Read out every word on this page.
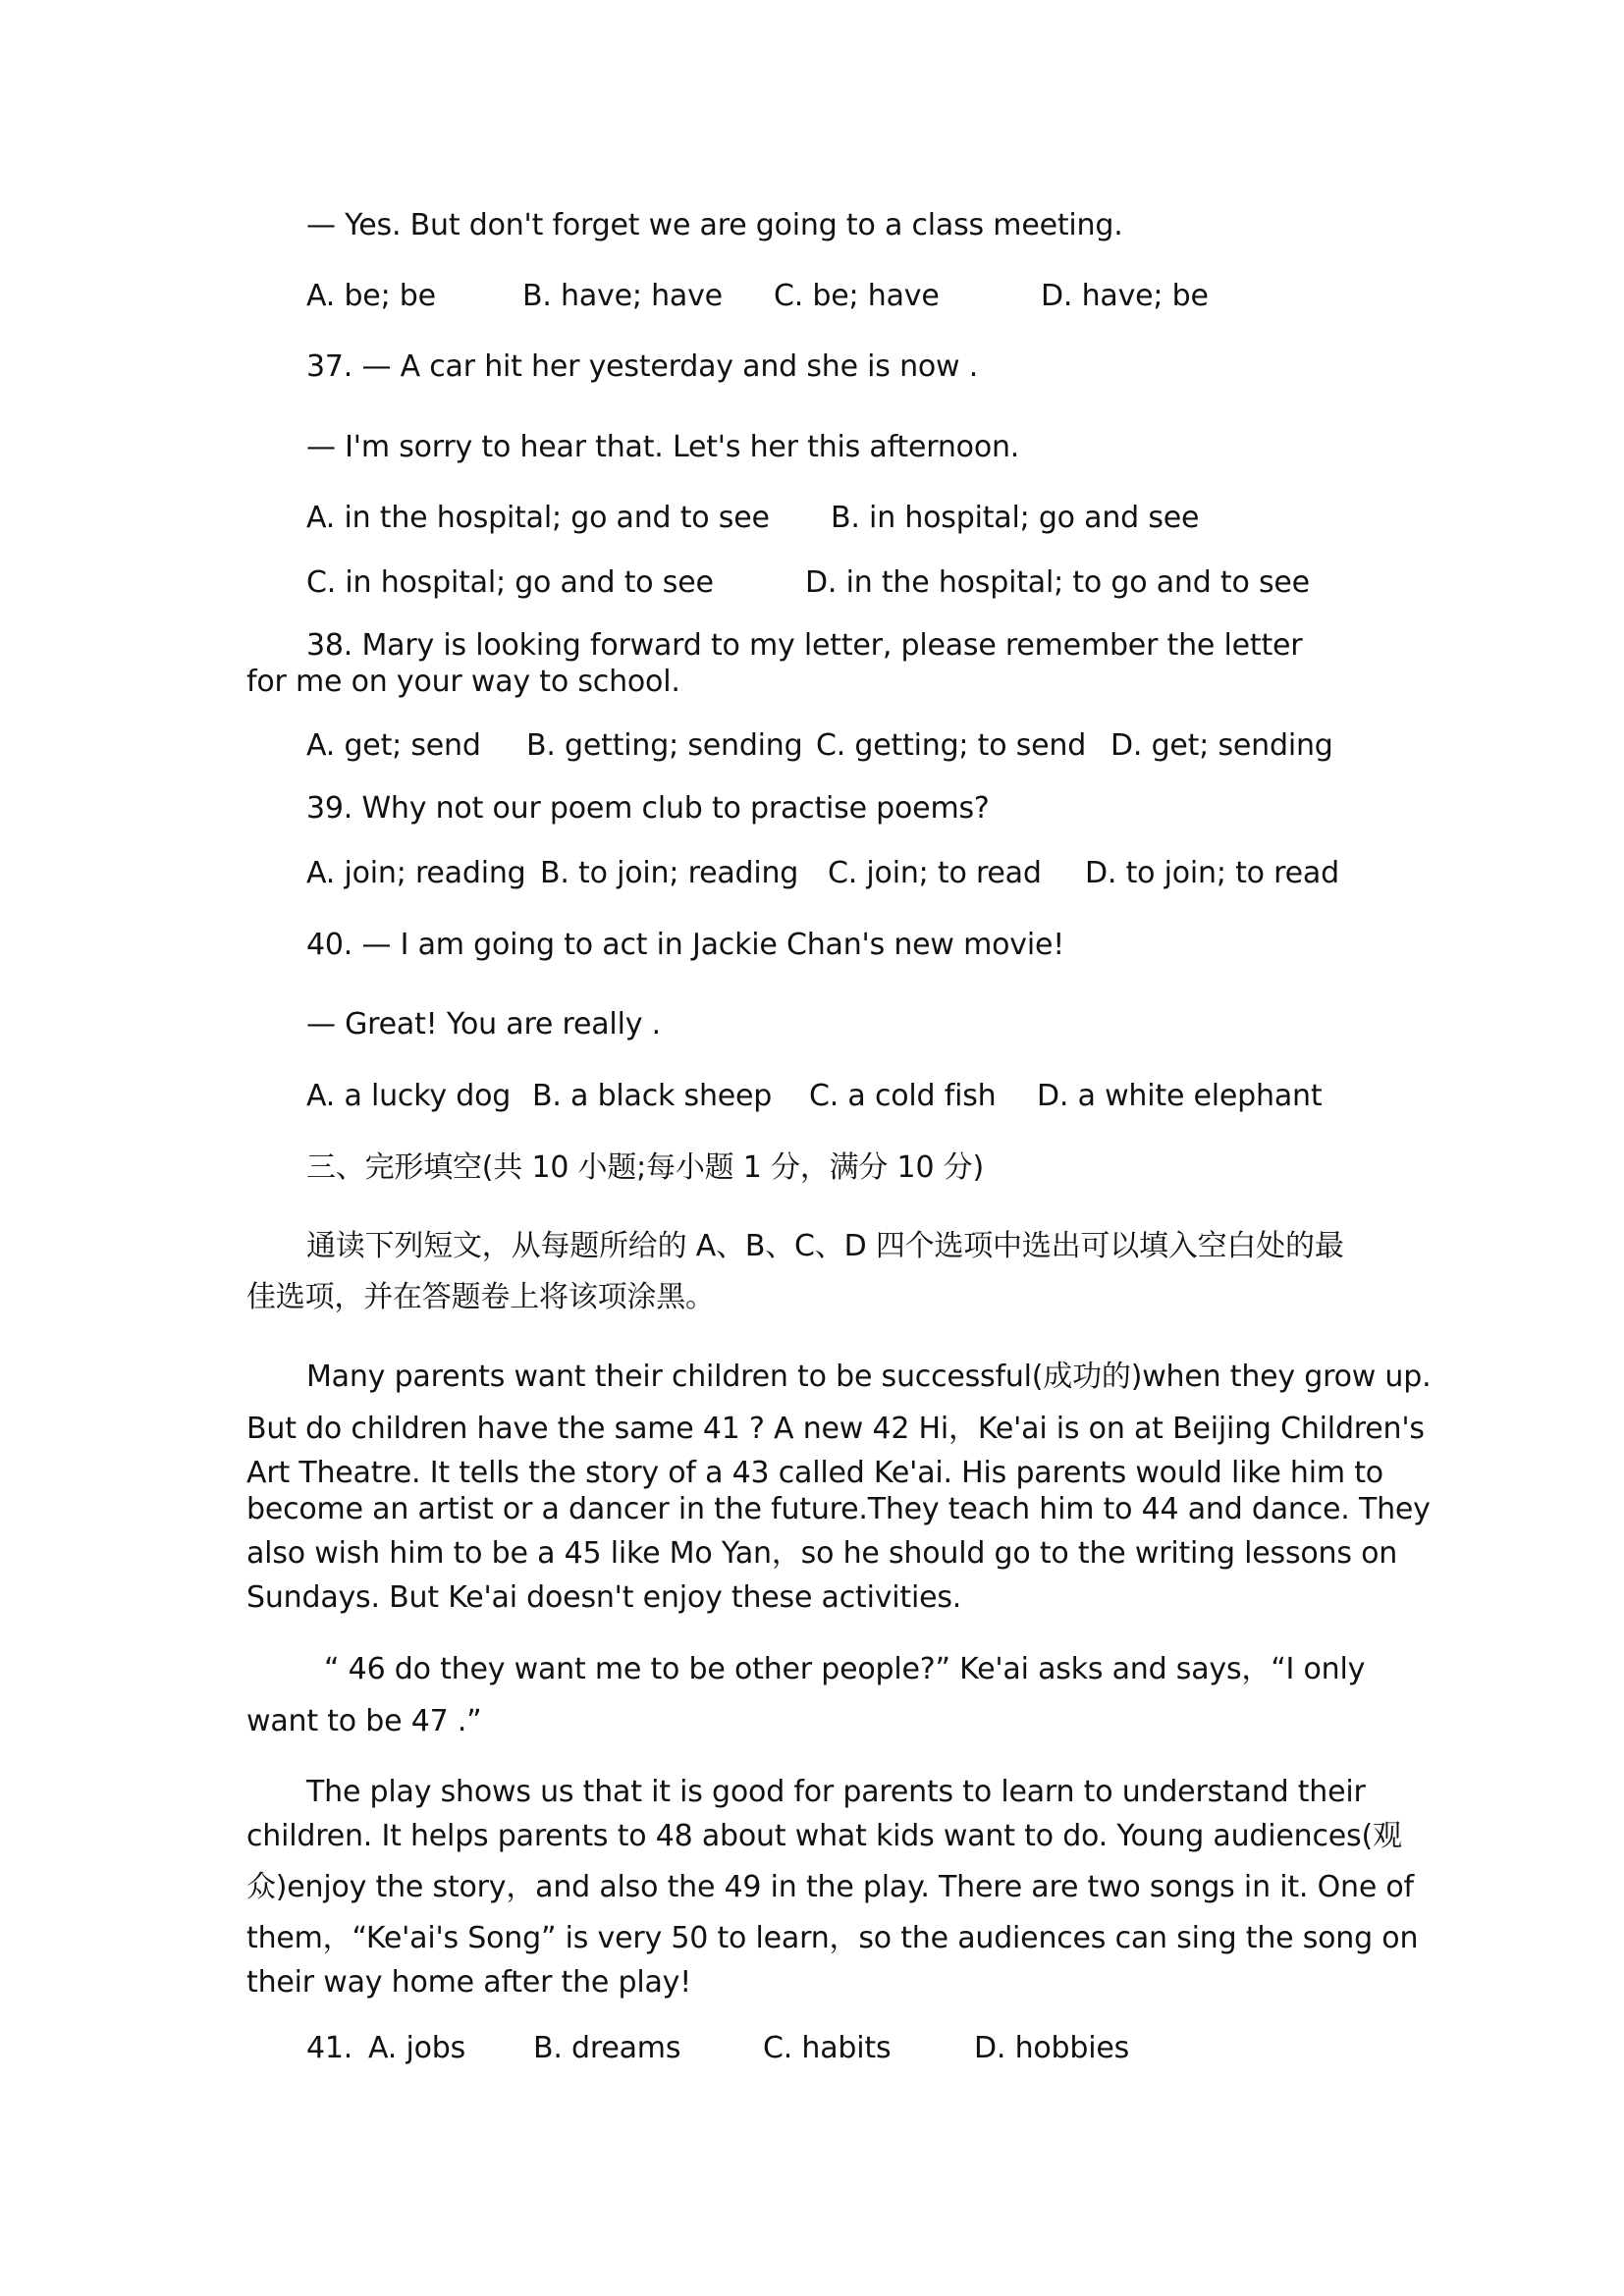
— Yes. But don't forget we are going to a class meeting.
A. be; be	B. have; have C. be; have	D. have; be
37. — A car hit her yesterday and she is now .
— I'm sorry to hear that. Let's her this afternoon.
A. in the hospital; go and to see B. in hospital; go and see
C. in hospital; go and to see	D. in the hospital; to go and to see
38. Mary is looking forward to my letter, please remember the letter
for me on your way to school.
A. get; send B. getting; sending C. getting; to send D. get; sending
39. Why not our poem club to practise poems?
A. join; reading B. to join; reading C. join; to read D. to join; to read
40. — I am going to act in Jackie Chan's new movie!
— Great! You are really .
A. a lucky dog B. a black sheep C. a cold fish D. a white elephant
三、完形填空(共 10 小题;每小题 1 分，满分 10 分)
通读下列短文，从每题所给的 A、B、C、D 四个选项中选出可以填入空白处的最
佳选项，并在答题卷上将该项涂黑。
Many parents want their children to be successful(成功的)when they grow up.
But do children have the same 41 ? A new 42 Hi，Ke'ai is on at Beijing Children's
Art Theatre. It tells the story of a 43 called Ke'ai. His parents would like him to
become an artist or a dancer in the future.They teach him to 44 and dance. They
also wish him to be a 45 like Mo Yan，so he should go to the writing lessons on
Sundays. But Ke'ai doesn't enjoy these activities.
“ 46 do they want me to be other people?” Ke'ai asks and says，“I only
want to be 47 .”
The play shows us that it is good for parents to learn to understand their
children. It helps parents to 48 about what kids want to do. Young audiences(观
众)enjoy the story，and also the 49 in the play. There are two songs in it. One of
them，“Ke'ai's Song” is very 50 to learn，so the audiences can sing the song on
their way home after the play!
41. A. jobs B. dreams	C. habits	D. hobbies
